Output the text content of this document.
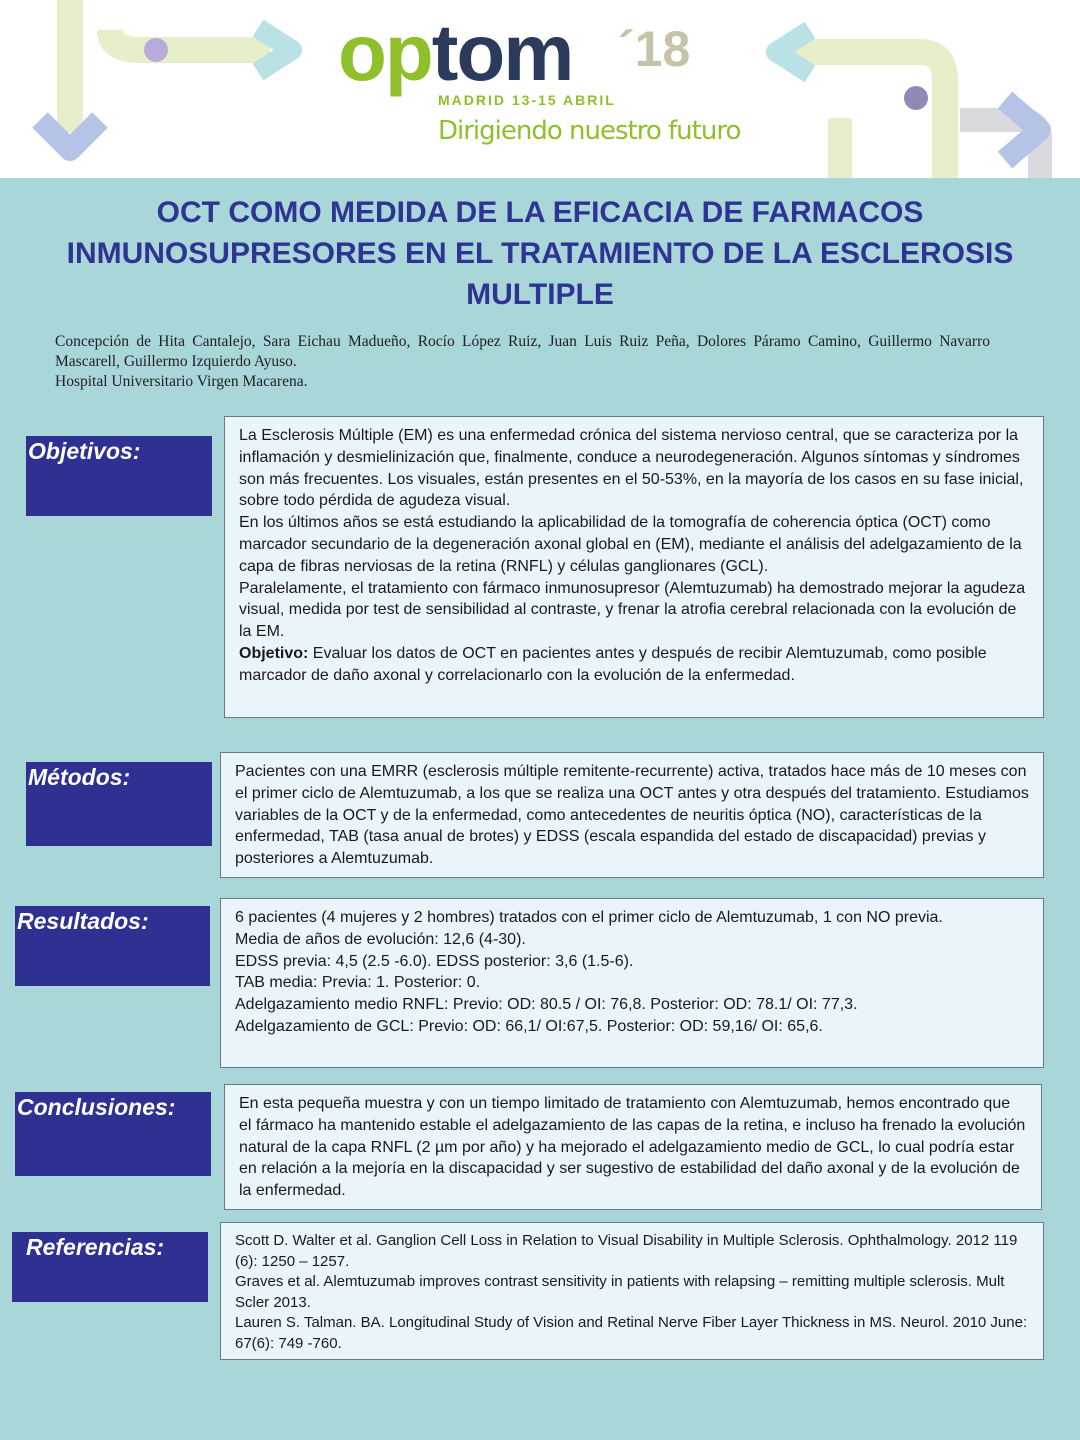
optom ´18
MADRID 13-15 ABRIL
Dirigiendo nuestro futuro
OCT COMO MEDIDA DE LA EFICACIA DE FARMACOS INMUNOSUPRESORES EN EL TRATAMIENTO DE LA ESCLEROSIS MULTIPLE
Concepción de Hita Cantalejo, Sara Eichau Madueño, Rocío López Ruiz, Juan Luis Ruiz Peña, Dolores Páramo Camino, Guillermo Navarro Mascarell, Guillermo Izquierdo Ayuso.
Hospital Universitario Virgen Macarena.
Objetivos:

La Esclerosis Múltiple (EM) es una enfermedad crónica del sistema nervioso central, que se caracteriza por la inflamación y desmielinización que, finalmente, conduce a neurodegeneración. Algunos síntomas y síndromes son más frecuentes. Los visuales, están presentes en el 50-53%, en la mayoría de los casos en su fase inicial, sobre todo pérdida de agudeza visual.

En los últimos años se está estudiando la aplicabilidad de la tomografía de coherencia óptica (OCT) como marcador secundario de la degeneración axonal global en (EM), mediante el análisis del adelgazamiento de la capa de fibras nerviosas de la retina (RNFL) y células ganglionares (GCL).

Paralelamente, el tratamiento con fármaco inmunosupresor (Alemtuzumab) ha demostrado mejorar la agudeza visual, medida por test de sensibilidad al contraste, y frenar la atrofia cerebral relacionada con la evolución de la EM.

Objetivo: Evaluar los datos de OCT en pacientes antes y después de recibir Alemtuzumab, como posible marcador de daño axonal y correlacionarlo con la evolución de la enfermedad.

Métodos:	Pacientes con una EMRR (esclerosis múltiple remitente-recurrente) activa, tratados hace más de 10 meses con el primer ciclo de Alemtuzumab, a los que se realiza una OCT antes y otra después del tratamiento. Estudiamos variables de la OCT y de la enfermedad, como antecedentes de neuritis óptica (NO), características de la enfermedad, TAB (tasa anual de brotes) y EDSS (escala espandida del estado de discapacidad) previas y posteriores a Alemtuzumab.

Resultados:	6 pacientes (4 mujeres y 2 hombres) tratados con el primer ciclo de Alemtuzumab, 1 con NO previa.

Media de años de evolución: 12,6 (4-30).

EDSS previa: 4,5 (2.5 -6.0). EDSS posterior: 3,6 (1.5-6).

TAB media: Previa: 1. Posterior: 0.

Adelgazamiento medio RNFL: Previo: OD: 80.5 / OI: 76,8. Posterior: OD: 78.1/ OI: 77,3.

Adelgazamiento de GCL: Previo: OD: 66,1/ OI:67,5. Posterior: OD: 59,16/ OI: 65,6.

Conclusiones:	En esta pequeña muestra y con un tiempo limitado de tratamiento con Alemtuzumab, hemos encontrado que el fármaco ha mantenido estable el adelgazamiento de las capas de la retina, e incluso ha frenado la evolución natural de la capa RNFL (2 µm por año) y ha mejorado el adelgazamiento medio de GCL, lo cual podría estar en relación a la mejoría en la discapacidad y ser sugestivo de estabilidad del daño axonal y de la evolución de la enfermedad.

Referencias:	Scott D. Walter et al. Ganglion Cell Loss in Relation to Visual Disability in Multiple Sclerosis. Ophthalmology. 2012 119 (6): 1250 – 1257.

Graves et al. Alemtuzumab improves contrast sensitivity in patients with relapsing – remitting multiple sclerosis. Mult Scler 2013.

Lauren S. Talman. BA. Longitudinal Study of Vision and Retinal Nerve Fiber Layer Thickness in MS. Neurol. 2010 June: 67(6): 749 -760.
